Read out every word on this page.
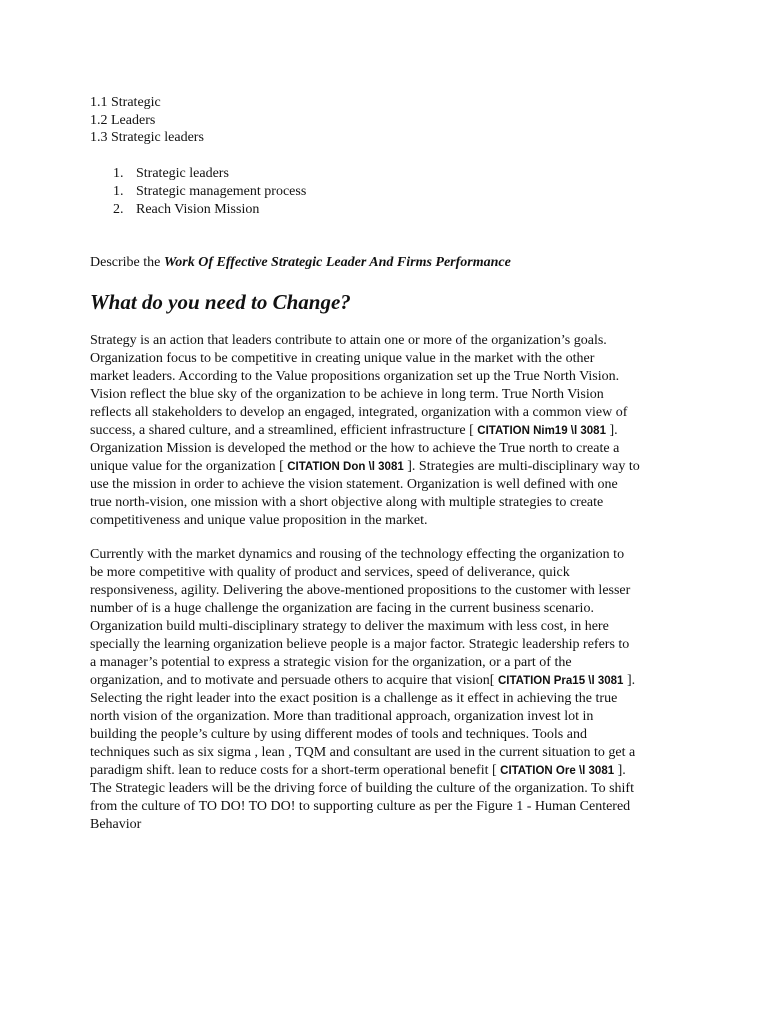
1.1 Strategic
1.2 Leaders
1.3 Strategic leaders
1. Strategic leaders
1. Strategic management process
2. Reach Vision Mission
Describe the Work Of Effective Strategic Leader And Firms Performance
What do you need to Change?
Strategy is an action that leaders contribute to attain one or more of the organization’s goals.
Organization focus to be competitive in creating unique value in the market with the other
market leaders. According to the Value propositions organization set up the True North Vision.
Vision reflect the blue sky of the organization to be achieve in long term. True North Vision
reflects all stakeholders to develop an engaged, integrated, organization with a common view of
success, a shared culture, and a streamlined, efficient infrastructure [ CITATION Nim19 \l 3081 ].
Organization Mission is developed the method or the how to achieve the True north to create a
unique value for the organization [ CITATION Don \l 3081 ]. Strategies are multi-disciplinary way to
use the mission in order to achieve the vision statement. Organization is well defined with one
true north-vision, one mission with a short objective along with multiple strategies to create
competitiveness and unique value proposition in the market.
Currently with the market dynamics and rousing of the technology effecting the organization to
be more competitive with quality of product and services, speed of deliverance, quick
responsiveness, agility. Delivering the above-mentioned propositions to the customer with lesser
number of is a huge challenge the organization are facing in the current business scenario.
Organization build multi-disciplinary strategy to deliver the maximum with less cost, in here
specially the learning organization believe people is a major factor. Strategic leadership refers to
a manager’s potential to express a strategic vision for the organization, or a part of the
organization, and to motivate and persuade others to acquire that vision[ CITATION Pra15 \l 3081 ].
Selecting the right leader into the exact position is a challenge as it effect in achieving the true
north vision of the organization. More than traditional approach, organization invest lot in
building the people’s culture by using different modes of tools and techniques. Tools and
techniques such as six sigma , lean , TQM and consultant are used in the current situation to get a
paradigm shift. lean to reduce costs for a short-term operational benefit [ CITATION Ore \l 3081 ].
The Strategic leaders will be the driving force of building the culture of the organization. To shift
from the culture of TO DO! TO DO! to supporting culture as per the Figure 1 - Human Centered
Behavior
